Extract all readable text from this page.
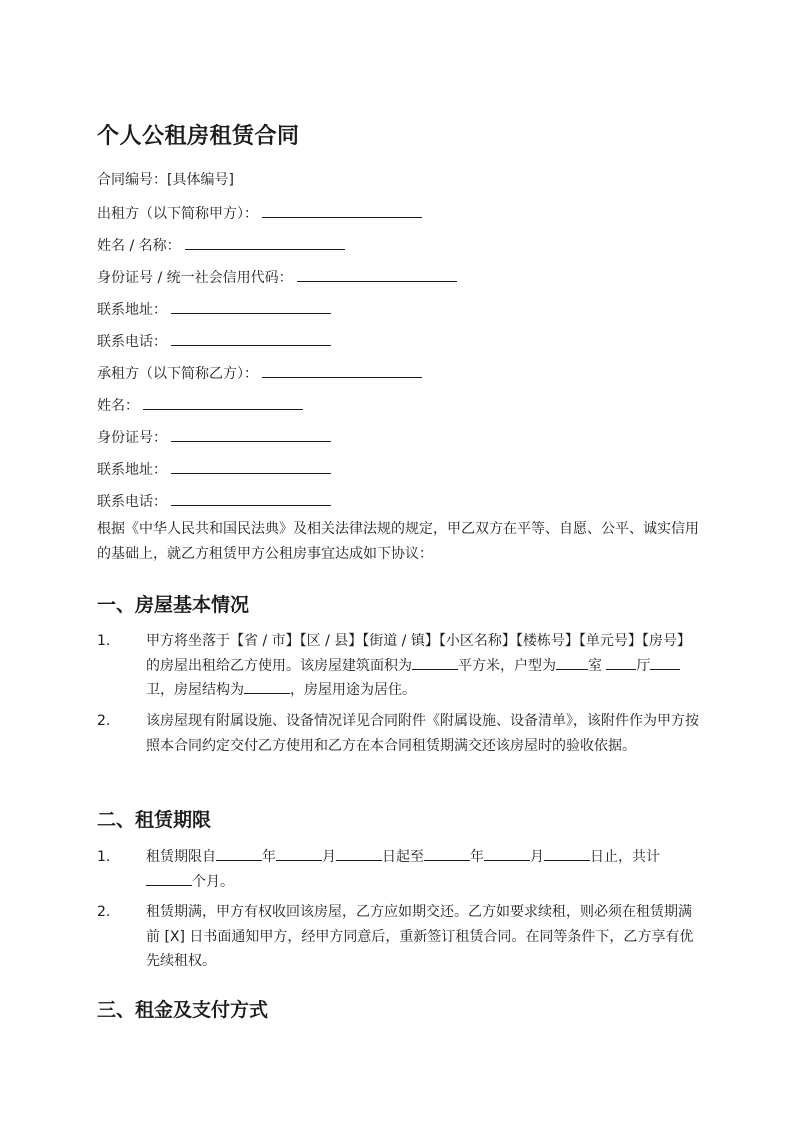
个人公租房租赁合同
合同编号：[具体编号]
出租方（以下简称甲方）：
姓名 / 名称：
身份证号 / 统一社会信用代码：
联系地址：
联系电话：
承租方（以下简称乙方）：
姓名：
身份证号：
联系地址：
联系电话：
根据《中华人民共和国民法典》及相关法律法规的规定，甲乙双方在平等、自愿、公平、诚实信用的基础上，就乙方租赁甲方公租房事宜达成如下协议：
一、房屋基本情况
1.	甲方将坐落于【省 / 市】【区 / 县】【街道 / 镇】【小区名称】【楼栋号】【单元号】【房号】的房屋出租给乙方使用。该房屋建筑面积为	平方米，户型为 室 厅卫，房屋结构为	，房屋用途为居住。
2.	该房屋现有附属设施、设备情况详见合同附件《附属设施、设备清单》，该附件作为甲方按照本合同约定交付乙方使用和乙方在本合同租赁期满交还该房屋时的验收依据。
二、租赁期限
1.	租赁期限自	年	月	日起至	年	月	日止，共计个月。
2.	租赁期满，甲方有权收回该房屋，乙方应如期交还。乙方如要求续租，则必须在租赁期满前 [X] 日书面通知甲方，经甲方同意后，重新签订租赁合同。在同等条件下，乙方享有优先续租权。
三、租金及支付方式
